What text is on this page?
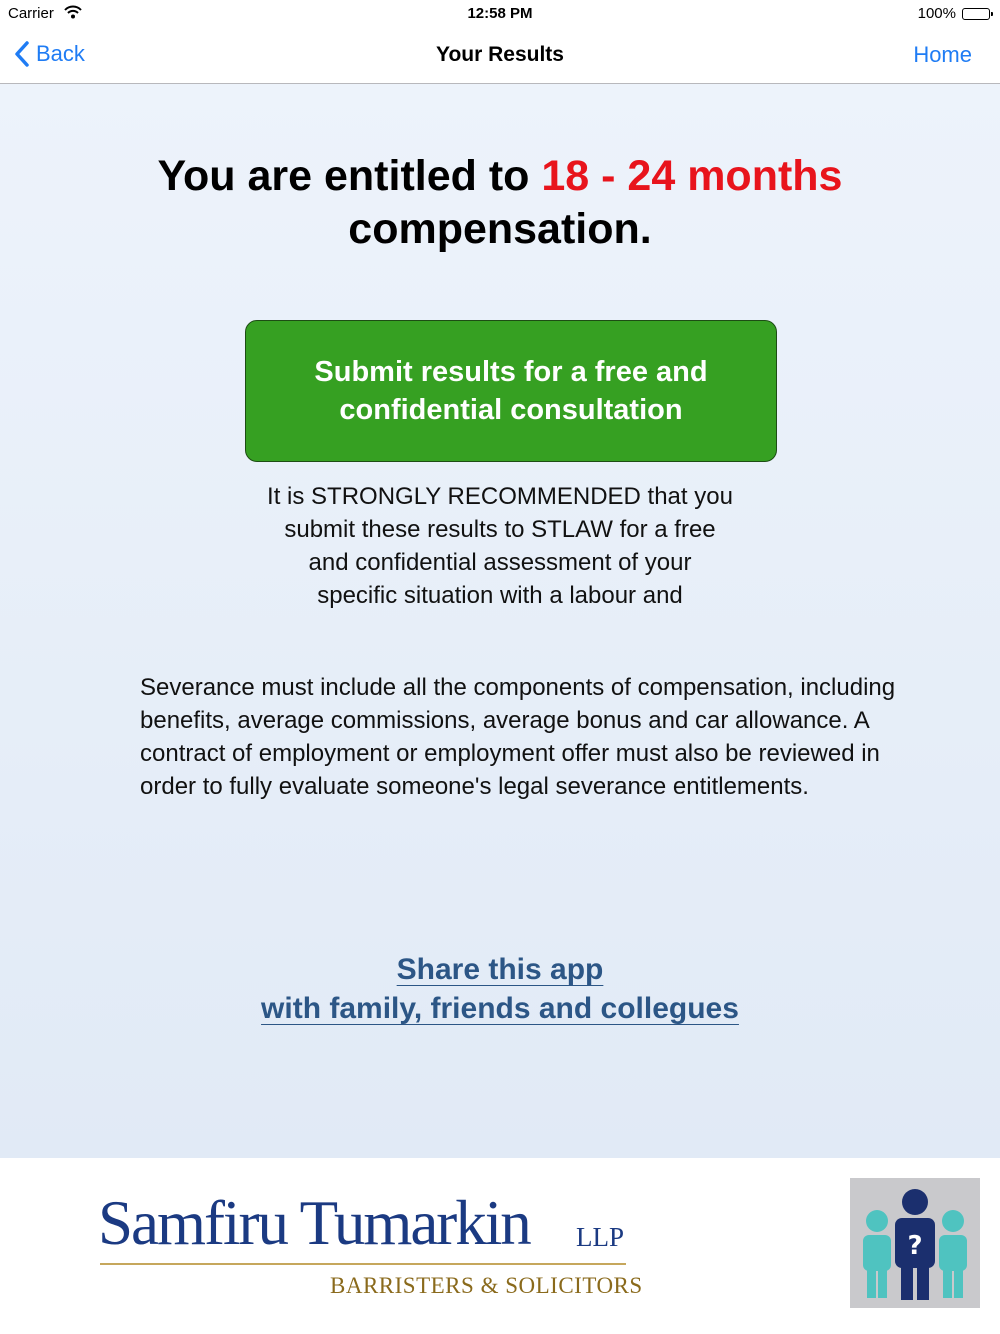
Carrier	12:58 PM	100%
Back	Your Results	Home
You are entitled to 18 - 24 months
compensation.
Submit results for a free and
confidential consultation
It is STRONGLY RECOMMENDED that you
submit these results to STLAW for a free
and confidential assessment of your
specific situation with a labour and
Severance must include all the components of compensation, including benefits, average commissions, average bonus and car allowance. A contract of employment or employment offer must also be reviewed in order to fully evaluate someone's legal severance entitlements.
Share this app
with family, friends and collegues
Samfiru Tumarkin LLP
BARRISTERS & SOLICITORS
?
